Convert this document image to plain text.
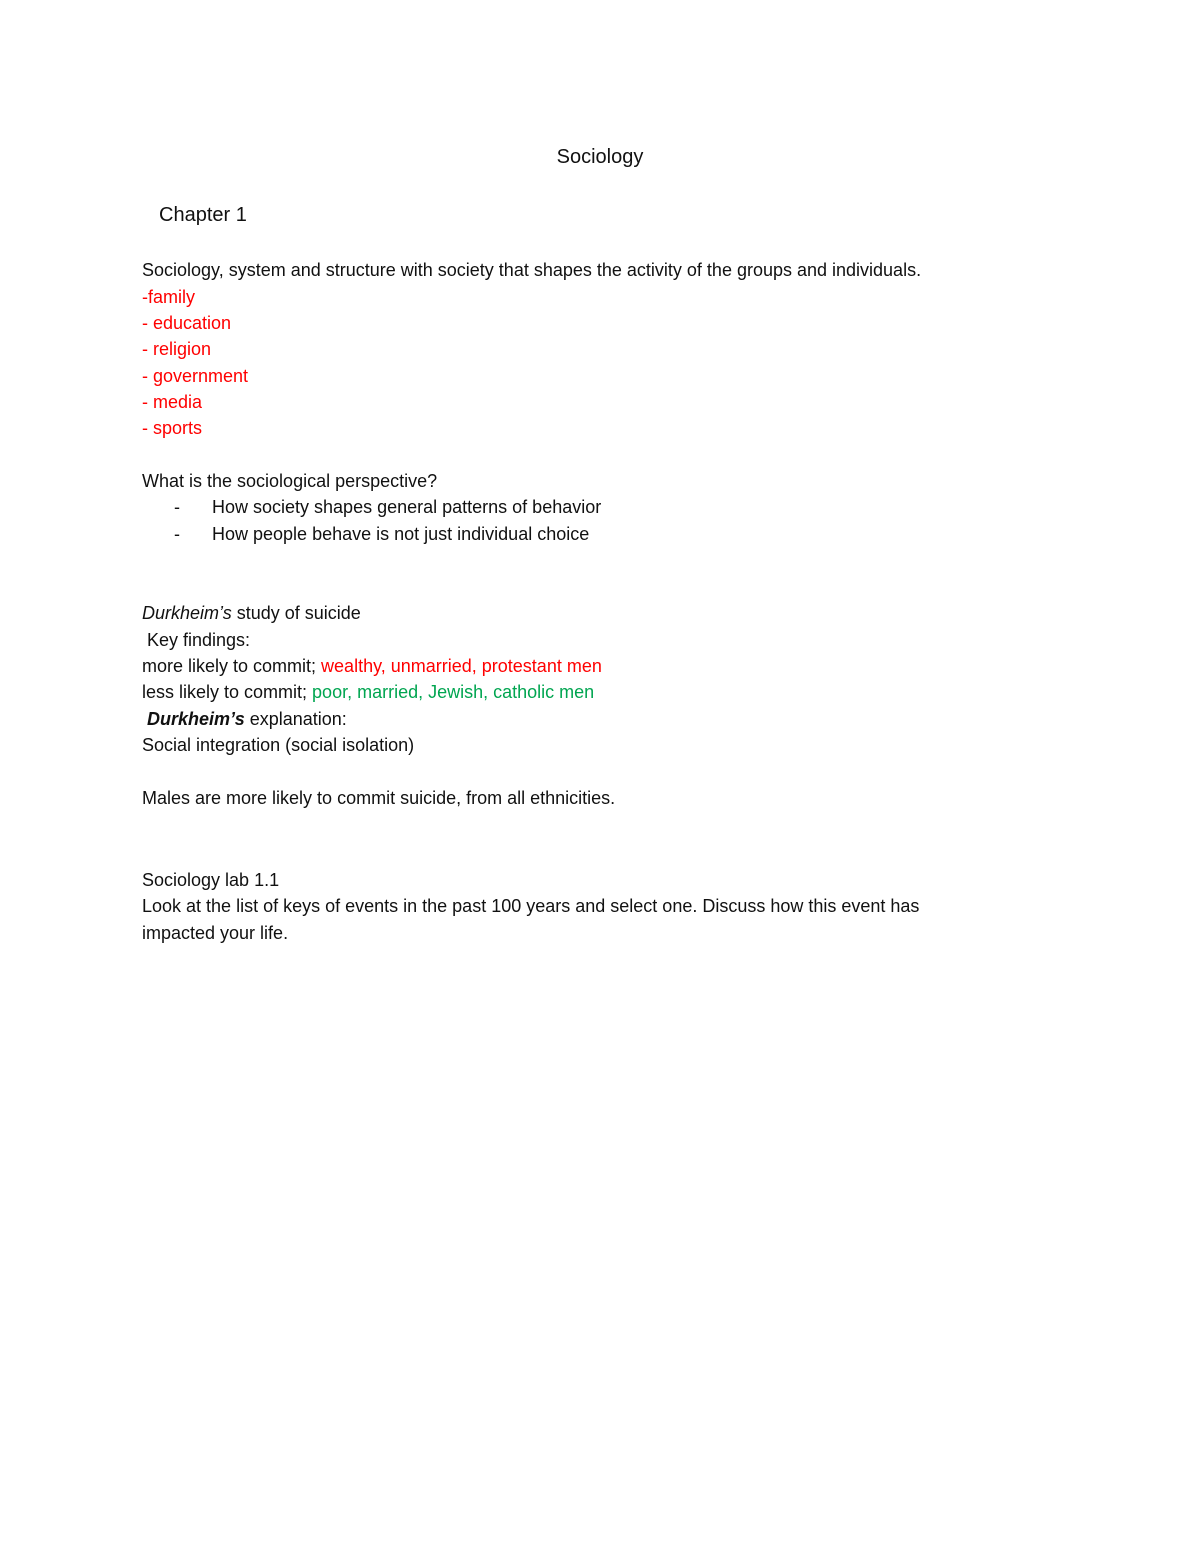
Sociology
Chapter 1
Sociology, system and structure with society that shapes the activity of the groups and individuals.
-family
- education
- religion
- government
- media
- sports
What is the sociological perspective?
- How society shapes general patterns of behavior
- How people behave is not just individual choice
Durkheim’s study of suicide
Key findings:
more likely to commit; wealthy, unmarried, protestant men
less likely to commit; poor, married, Jewish, catholic men
Durkheim’s explanation:
Social integration (social isolation)
Males are more likely to commit suicide, from all ethnicities.
Sociology lab 1.1
Look at the list of keys of events in the past 100 years and select one. Discuss how this event has
impacted your life.
